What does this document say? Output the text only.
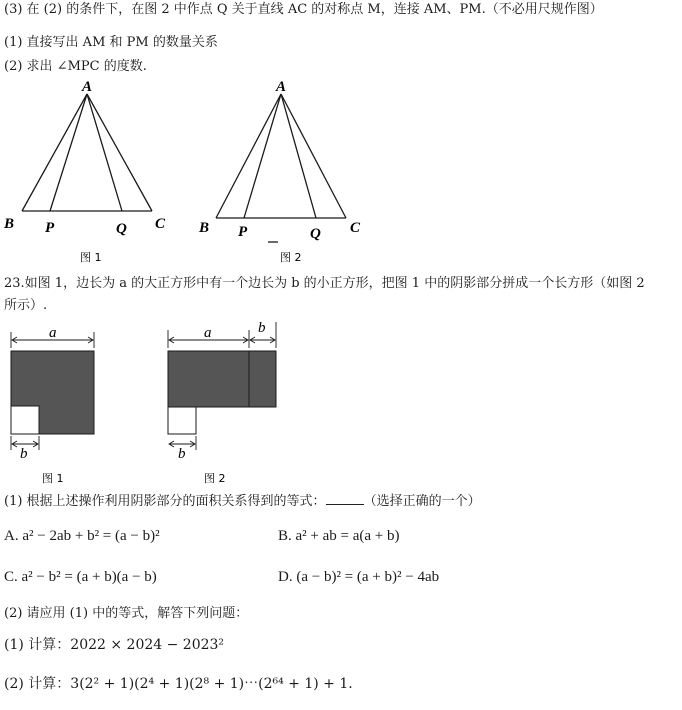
(3) 在 (2) 的条件下，在图 2 中作点 Q 关于直线 AC 的对称点 M，连接 AM、PM.（不必用尺规作图）
(1) 直接写出 AM 和 PM 的数量关系
(2) 求出 ∠MPC 的度数.
A
B P	Q C
图 1
A
B P	Q C
图 2
23.如图 1，边长为 a 的大正方形中有一个边长为 b 的小正方形，把图 1 中的阴影部分拼成一个长方形（如图 2
所示）.
a
b
图 1
a	b
b
图 2
(1) 根据上述操作利用阴影部分的面积关系得到的等式：	（选择正确的一个）
A. a² − 2ab + b² = (a − b)²	B. a² + ab = a(a + b)
C. a² − b² = (a + b)(a − b)	D. (a − b)² = (a + b)² − 4ab
(2) 请应用 (1) 中的等式，解答下列问题：
(1) 计算：2022 × 2024 − 2023²
(2) 计算：3(2² + 1)(2⁴ + 1)(2⁸ + 1)⋯(2⁶⁴ + 1) + 1.
